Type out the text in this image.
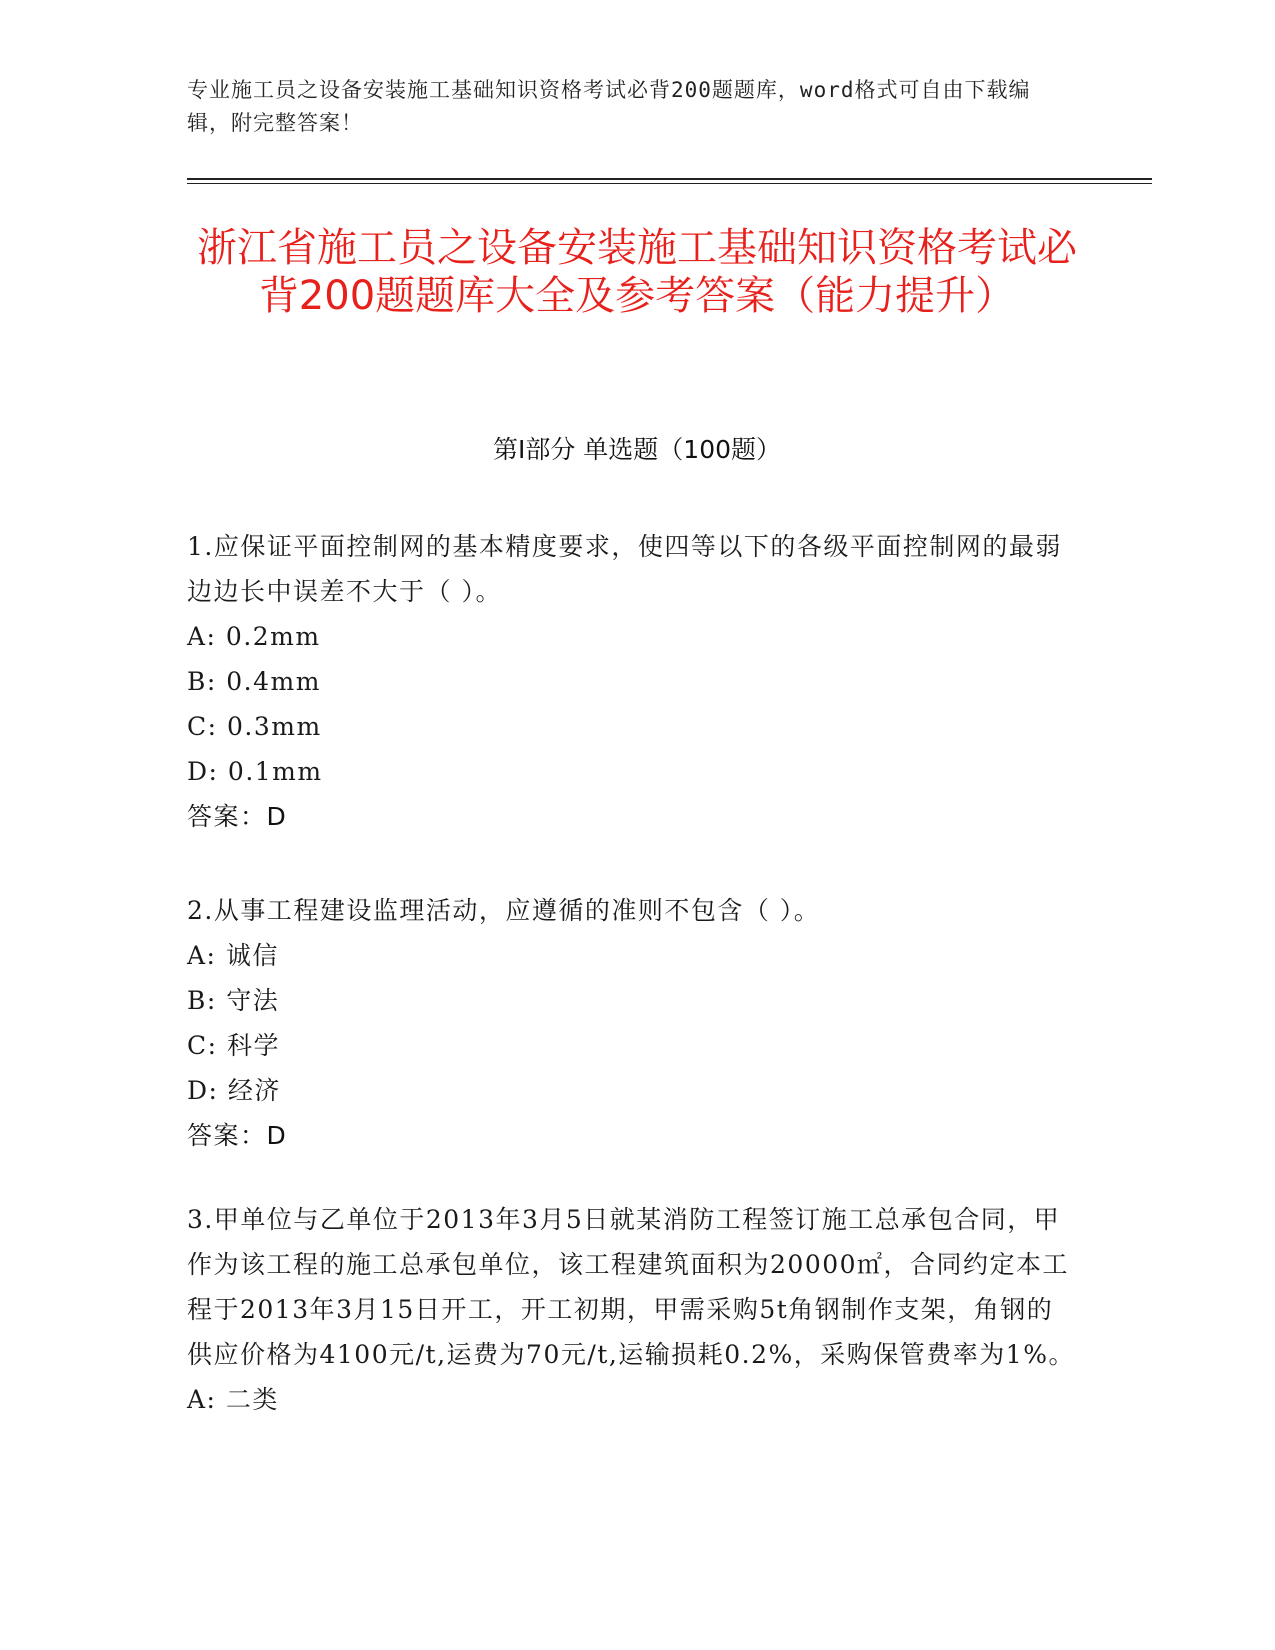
专业施工员之设备安装施工基础知识资格考试必背200题题库，word格式可自由下载编辑，附完整答案！
浙江省施工员之设备安装施工基础知识资格考试必背200题题库大全及参考答案（能力提升）
第Ⅰ部分 单选题（100题）

1.应保证平面控制网的基本精度要求，使四等以下的各级平面控制网的最弱边边长中误差不大于（ ）。

A: 0.2mm

B: 0.4mm

C: 0.3mm

D: 0.1mm

答案：D

2.从事工程建设监理活动，应遵循的准则不包含（ ）。

A: 诚信

B: 守法

C: 科学

D: 经济

答案：D

3.甲单位与乙单位于2013年3月5日就某消防工程签订施工总承包合同，甲作为该工程的施工总承包单位，该工程建筑面积为20000㎡，合同约定本工程于2013年3月15日开工，开工初期，甲需采购5t角钢制作支架，角钢的供应价格为4100元/t,运费为70元/t,运输损耗0.2%，采购保管费率为1%。

A: 二类
